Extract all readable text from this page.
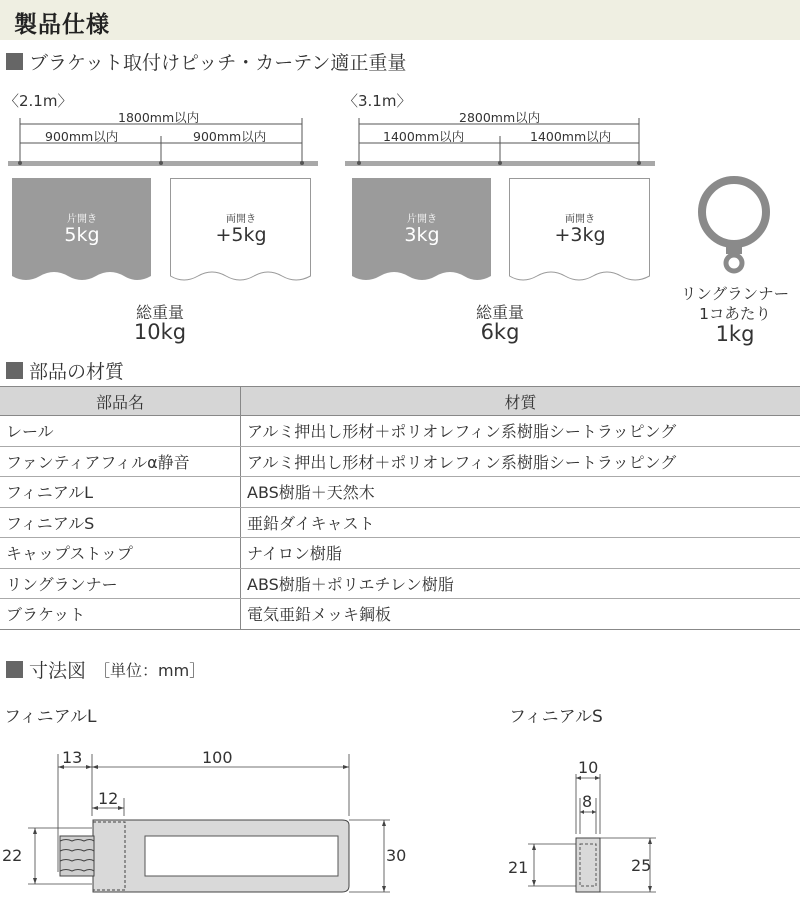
製品仕様
ブラケット取付けピッチ・カーテン適正重量
〈2.1m〉
1800mm以内
900mm以内	900mm以内
片開き
5kg
両開き
+5kg
総重量
10kg
〈3.1m〉
2800mm以内
1400mm以内	1400mm以内
片開き
3kg
両開き
+3kg
総重量
6kg
リングランナー
1コあたり
1kg
部品の材質
部品名	材質
レール	アルミ押出し形材＋ポリオレフィン系樹脂シートラッピング
ファンティアフィルα静音	アルミ押出し形材＋ポリオレフィン系樹脂シートラッピング
フィニアルL	ABS樹脂＋天然木
フィニアルS	亜鉛ダイキャスト
キャップストップ	ナイロン樹脂
リングランナー	ABS樹脂＋ポリエチレン樹脂
ブラケット	電気亜鉛メッキ鋼板
寸法図 ［単位：mm］
フィニアルL	フィニアルS
13	100
12
22	30
10
8
21	25
